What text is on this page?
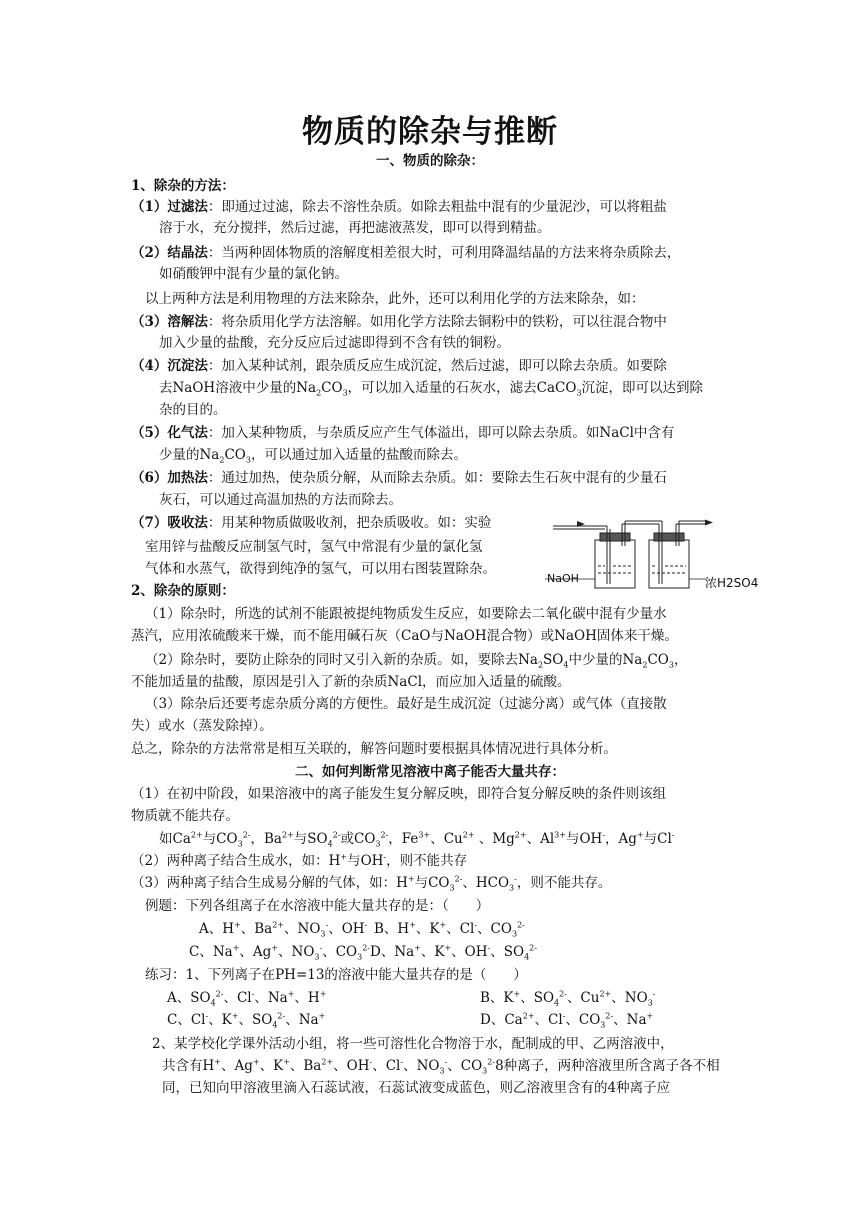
物质的除杂与推断
一、物质的除杂：
1、除杂的方法：
（1）过滤法：即通过过滤，除去不溶性杂质。如除去粗盐中混有的少量泥沙，可以将粗盐
溶于水，充分搅拌，然后过滤，再把滤液蒸发，即可以得到精盐。
（2）结晶法：当两种固体物质的溶解度相差很大时，可利用降温结晶的方法来将杂质除去，
如硝酸钾中混有少量的氯化钠。
以上两种方法是利用物理的方法来除杂，此外，还可以利用化学的方法来除杂，如：
（3）溶解法：将杂质用化学方法溶解。如用化学方法除去铜粉中的铁粉，可以往混合物中
加入少量的盐酸，充分反应后过滤即得到不含有铁的铜粉。
（4）沉淀法：加入某种试剂，跟杂质反应生成沉淀，然后过滤，即可以除去杂质。如要除
去NaOH溶液中少量的$Na_2CO_3$，可以加入适量的石灰水，滤去CaCO$_3$沉淀，即可以达到除
杂的目的。
（5）化气法：加入某种物质，与杂质反应产生气体溢出，即可以除去杂质。如NaCl中含有
少量的$Na_2CO_3$，可以通过加入适量的盐酸而除去。
（6）加热法：通过加热，使杂质分解，从而除去杂质。如：要除去生石灰中混有的少量石
灰石，可以通过高温加热的方法而除去。
（7）吸收法：用某种物质做吸收剂，把杂质吸收。如：实验
室用锌与盐酸反应制氢气时，氢气中常混有少量的氯化氢
气体和水蒸气，欲得到纯净的氢气，可以用右图装置除杂。
NaOH	浓H2SO4
2、除杂的原则：
（1）除杂时，所选的试剂不能跟被提纯物质发生反应，如要除去二氧化碳中混有少量水
蒸汽，应用浓硫酸来干燥，而不能用碱石灰（CaO与NaOH混合物）或NaOH固体来干燥。
（2）除杂时，要防止除杂的同时又引入新的杂质。如，要除去$Na_2SO_4$中少量的$Na_2CO_3$，
不能加适量的盐酸，原因是引入了新的杂质NaCl，而应加入适量的硫酸。
（3）除杂后还要考虑杂质分离的方便性。最好是生成沉淀（过滤分离）或气体（直接散
失）或水（蒸发除掉）。
总之，除杂的方法常常是相互关联的，解答问题时要根据具体情况进行具体分析。
二、如何判断常见溶液中离子能否大量共存：
（1）在初中阶段，如果溶液中的离子能发生复分解反映，即符合复分解反映的条件则该组
物质就不能共存。
如$Ca^{2+}$与$CO_3^{2-}$，$Ba^{2+}$与$SO_4^{2-}$或$CO_3^{2-}$，$Fe^{3+}$、$Cu^{2+}$ 、$Mg^{2+}$、$Al^{3+}$与OH-，Ag+与Cl-
（2）两种离子结合生成水，如：H+与OH-，则不能共存
（3）两种离子结合生成易分解的气体，如：H+与$CO_3^{2-}$、$HCO_3^-$，则不能共存。
例题：下列各组离子在水溶液中能大量共存的是：（　　）
A、H+、$Ba^{2+}$、$NO_3^-$、OH- B、H+、K+、Cl-、$CO_3^{2-}$
C、Na+、Ag+、$NO_3^-$、$CO_3^{2-}$ D、Na+、K+、OH-、$SO_4^{2-}$
练习：1、下列离子在PH=13的溶液中能大量共存的是（　　）
A、$SO_4^{2-}$、Cl-、Na+、H+	B、K+、$SO_4^{2-}$、$Cu^{2+}$、$NO_3^-$
C、Cl-、K+、$SO_4^{2-}$、Na+	D、$Ca^{2+}$、Cl-、$CO_3^{2-}$、Na+
2、某学校化学课外活动小组，将一些可溶性化合物溶于水，配制成的甲、乙两溶液中，
共含有H+、Ag+、K+、$Ba^{2+}$、OH-、Cl-、$NO_3^-$、$CO_3^{2-}8$种离子，两种溶液里所含离子各不相
同，已知向甲溶液里滴入石蕊试液，石蕊试液变成蓝色，则乙溶液里含有的4种离子应
